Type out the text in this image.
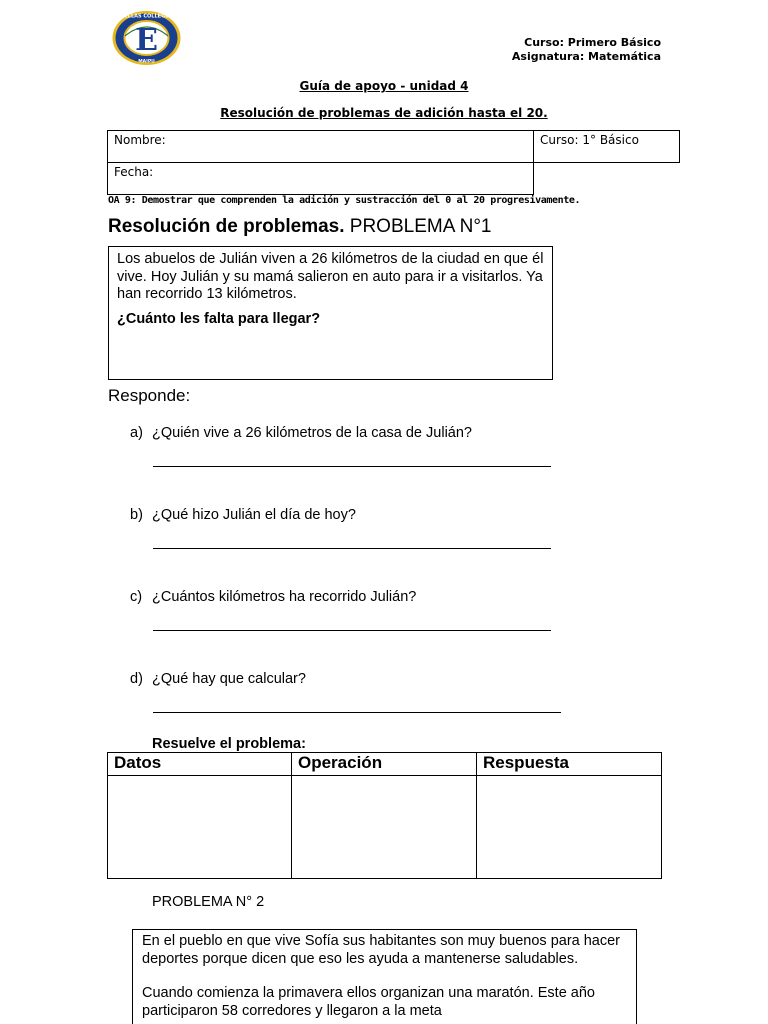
ELLAS COLLEGE
E
MAIPU
Curso: Primero Básico
Asignatura: Matemática
Guía de apoyo - unidad 4
Resolución de problemas de adición hasta el 20.
Nombre:	Curso: 1° Básico
Fecha:	
OA 9: Demostrar que comprenden la adición y sustracción del 0 al 20 progresivamente.
Resolución de problemas. PROBLEMA N°1

Los abuelos de Julián viven a 26 kilómetros de la ciudad en que él vive. Hoy Julián y su mamá salieron en auto para ir a visitarlos. Ya han recorrido 13 kilómetros.

¿Cuánto les falta para llegar?

Responde:
a) ¿Quién vive a 26 kilómetros de la casa de Julián?
b) ¿Qué hizo Julián el día de hoy?
c) ¿Cuántos kilómetros ha recorrido Julián?
d) ¿Qué hay que calcular?
Resuelve el problema:
Datos	Operación	Respuesta

PROBLEMA N° 2

En el pueblo en que vive Sofía sus habitantes son muy buenos para hacer deportes porque dicen que eso les ayuda a mantenerse saludables.

Cuando comienza la primavera ellos organizan una maratón. Este año participaron 58 corredores y llegaron a la meta
